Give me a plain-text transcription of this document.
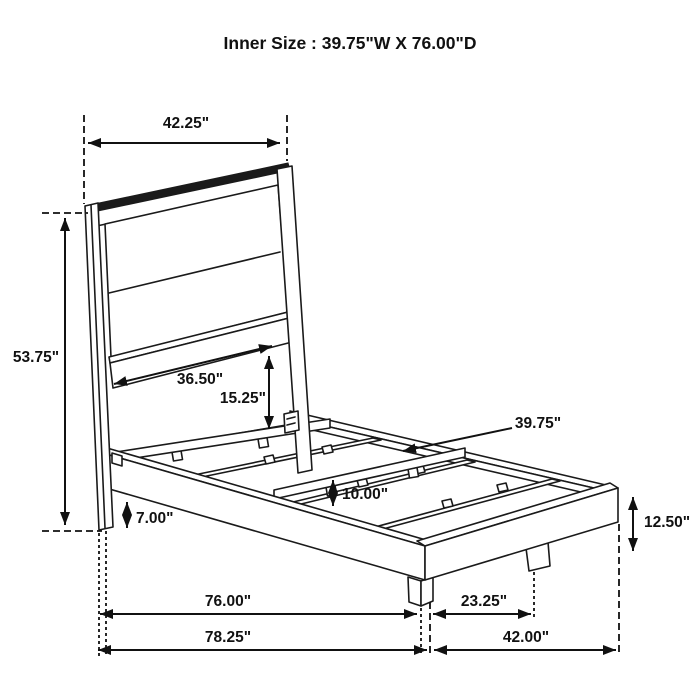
42.25"
53.75"
36.50"
15.25"
39.75"
10.00"
7.00"	12.50"
76.00"	23.25"
78.25"	42.00"
Inner Size : 39.75"W X 76.00"D
